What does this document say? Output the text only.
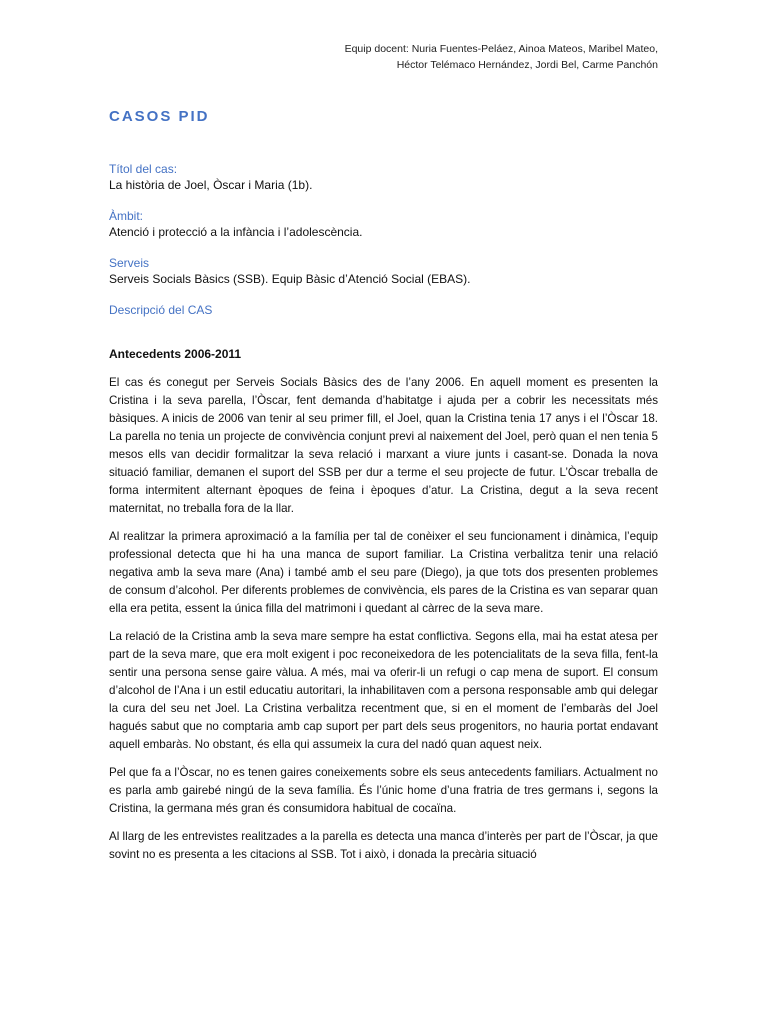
Equip docent: Nuria Fuentes-Peláez, Ainoa Mateos, Maribel Mateo,
Héctor Telémaco Hernández, Jordi Bel, Carme Panchón
CASOS PID
Títol del cas:
La història de Joel, Òscar i Maria (1b).
Àmbit:
Atenció i protecció a la infància i l’adolescència.
Serveis
Serveis Socials Bàsics (SSB). Equip Bàsic d’Atenció Social (EBAS).
Descripció del CAS
Antecedents 2006-2011

El cas és conegut per Serveis Socials Bàsics des de l’any 2006. En aquell moment es presenten la Cristina i la seva parella, l’Òscar, fent demanda d’habitatge i ajuda per a cobrir les necessitats més bàsiques. A inicis de 2006 van tenir al seu primer fill, el Joel, quan la Cristina tenia 17 anys i el l’Òscar 18. La parella no tenia un projecte de convivència conjunt previ al naixement del Joel, però quan el nen tenia 5 mesos ells van decidir formalitzar la seva relació i marxant a viure junts i casant-se. Donada la nova situació familiar, demanen el suport del SSB per dur a terme el seu projecte de futur. L’Òscar treballa de forma intermitent alternant èpoques de feina i èpoques d’atur. La Cristina, degut a la seva recent maternitat, no treballa fora de la llar.

Al realitzar la primera aproximació a la família per tal de conèixer el seu funcionament i dinàmica, l’equip professional detecta que hi ha una manca de suport familiar. La Cristina verbalitza tenir una relació negativa amb la seva mare (Ana) i també amb el seu pare (Diego), ja que tots dos presenten problemes de consum d’alcohol. Per diferents problemes de convivència, els pares de la Cristina es van separar quan ella era petita, essent la única filla del matrimoni i quedant al càrrec de la seva mare.

La relació de la Cristina amb la seva mare sempre ha estat conflictiva. Segons ella, mai ha estat atesa per part de la seva mare, que era molt exigent i poc reconeixedora de les potencialitats de la seva filla, fent-la sentir una persona sense gaire vàlua. A més, mai va oferir-li un refugi o cap mena de suport. El consum d’alcohol de l’Ana i un estil educatiu autoritari, la inhabilitaven com a persona responsable amb qui delegar la cura del seu net Joel. La Cristina verbalitza recentment que, si en el moment de l’embaràs del Joel hagués sabut que no comptaria amb cap suport per part dels seus progenitors, no hauria portat endavant aquell embaràs. No obstant, és ella qui assumeix la cura del nadó quan aquest neix.

Pel que fa a l’Òscar, no es tenen gaires coneixements sobre els seus antecedents familiars. Actualment no es parla amb gairebé ningú de la seva família. És l’únic home d’una fratria de tres germans i, segons la Cristina, la germana més gran és consumidora habitual de cocaïna.

Al llarg de les entrevistes realitzades a la parella es detecta una manca d’interès per part de l’Òscar, ja que sovint no es presenta a les citacions al SSB. Tot i això, i donada la precària situació
